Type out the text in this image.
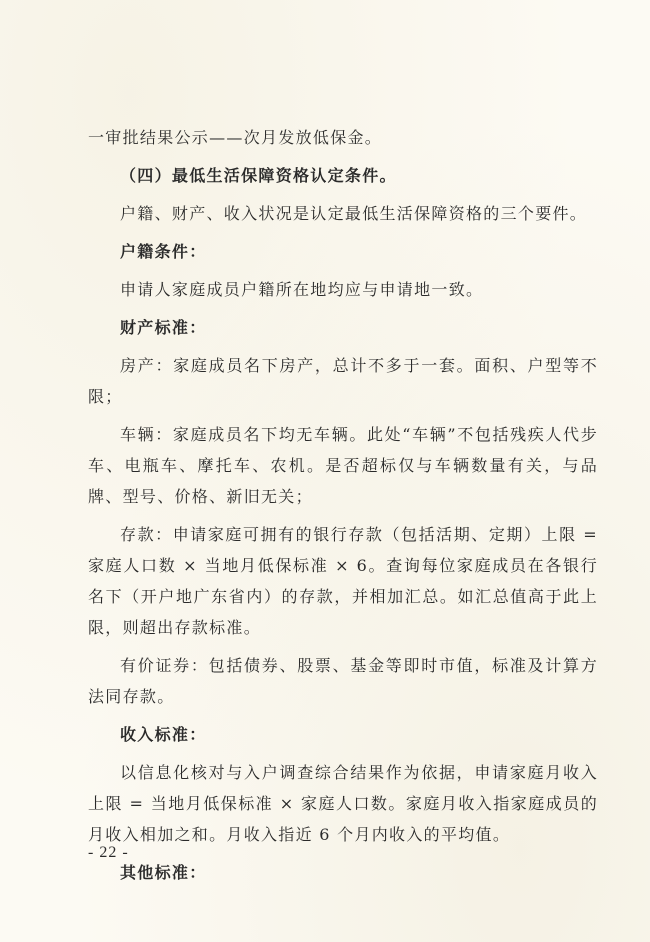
一审批结果公示——次月发放低保金。

（四）最低生活保障资格认定条件。

户籍、财产、收入状况是认定最低生活保障资格的三个要件。

户籍条件：

申请人家庭成员户籍所在地均应与申请地一致。

财产标准：

房产：家庭成员名下房产，总计不多于一套。面积、户型等不限；

车辆：家庭成员名下均无车辆。此处“车辆”不包括残疾人代步车、电瓶车、摩托车、农机。是否超标仅与车辆数量有关，与品牌、型号、价格、新旧无关；

存款：申请家庭可拥有的银行存款（包括活期、定期）上限 = 家庭人口数 × 当地月低保标准 × 6。查询每位家庭成员在各银行名下（开户地广东省内）的存款，并相加汇总。如汇总值高于此上限，则超出存款标准。

有价证券：包括债券、股票、基金等即时市值，标准及计算方法同存款。

收入标准：

以信息化核对与入户调查综合结果作为依据，申请家庭月收入上限 = 当地月低保标准 × 家庭人口数。家庭月收入指家庭成员的月收入相加之和。月收入指近 6 个月内收入的平均值。

其他标准：

- 22 -
